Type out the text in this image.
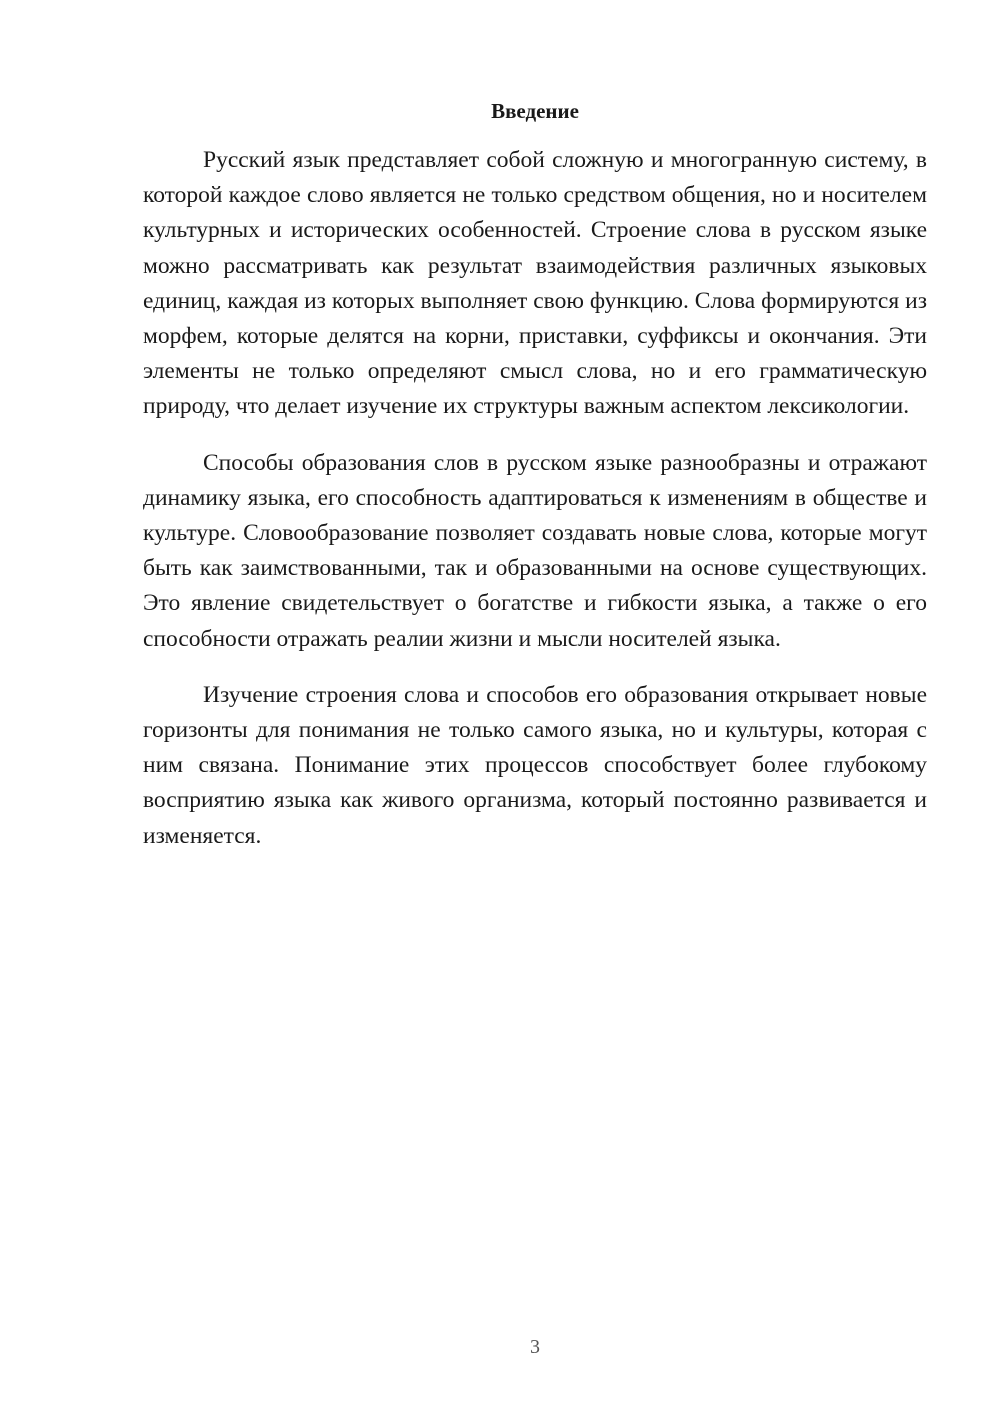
Введение

Русский язык представляет собой сложную и многогранную систему, в которой каждое слово является не только средством общения, но и носителем культурных и исторических особенностей. Строение слова в русском языке можно рассматривать как результат взаимодействия различных языковых единиц, каждая из которых выполняет свою функцию. Слова формируются из морфем, которые делятся на корни, приставки, суффиксы и окончания. Эти элементы не только определяют смысл слова, но и его грамматическую природу, что делает изучение их структуры важным аспектом лексикологии.

Способы образования слов в русском языке разнообразны и отражают динамику языка, его способность адаптироваться к изменениям в обществе и культуре. Словообразование позволяет создавать новые слова, которые могут быть как заимствованными, так и образованными на основе существующих. Это явление свидетельствует о богатстве и гибкости языка, а также о его способности отражать реалии жизни и мысли носителей языка.

Изучение строения слова и способов его образования открывает новые горизонты для понимания не только самого языка, но и культуры, которая с ним связана. Понимание этих процессов способствует более глубокому восприятию языка как живого организма, который постоянно развивается и изменяется.

3
